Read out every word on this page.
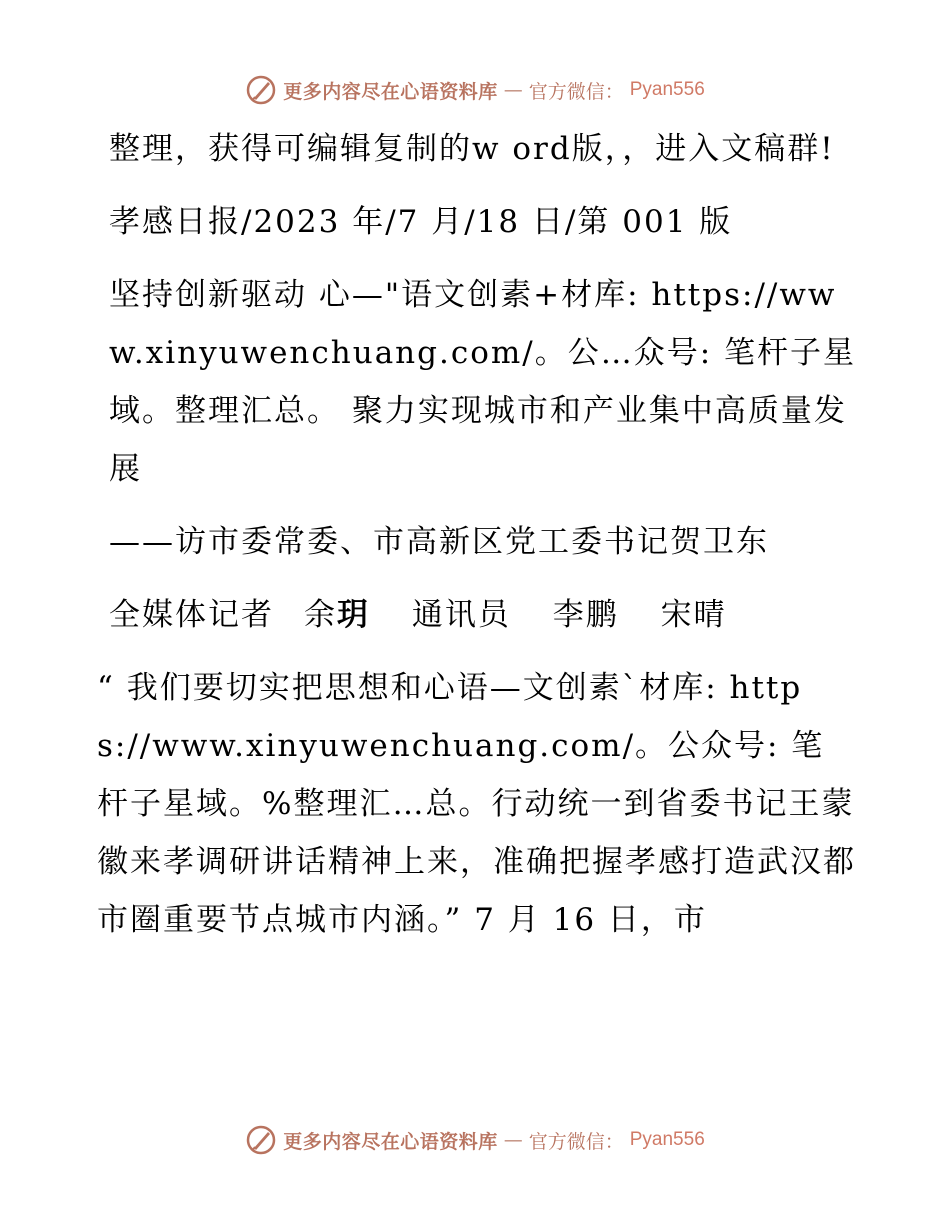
更多内容尽在心语资料库 — 官方微信： Pyan556

整理，获得可编辑复制的w ord版，，进入文稿群!

孝感日报/2023 年/7 月/18 日/第 001 版

坚持创新驱动 心—"语文创素+材库: https://www.xinyuwenchuang.com/。公…众号: 笔杆子星域。整理汇总。 聚力实现城市和产业集中高质量发展

——访市委常委、市高新区党工委书记贺卫东

全媒体记者 余玥 通讯员 李鹏 宋晴

“ 我们要切实把思想和心语—文创素`材库: https://www.xinyuwenchuang.com/。公众号: 笔杆子星域。%整理汇…总。行动统一到省委书记王蒙徽来孝调研讲话精神上来，准确把握孝感打造武汉都市圈重要节点城市内涵。” 7 月 16 日，市

更多内容尽在心语资料库 — 官方微信： Pyan556
